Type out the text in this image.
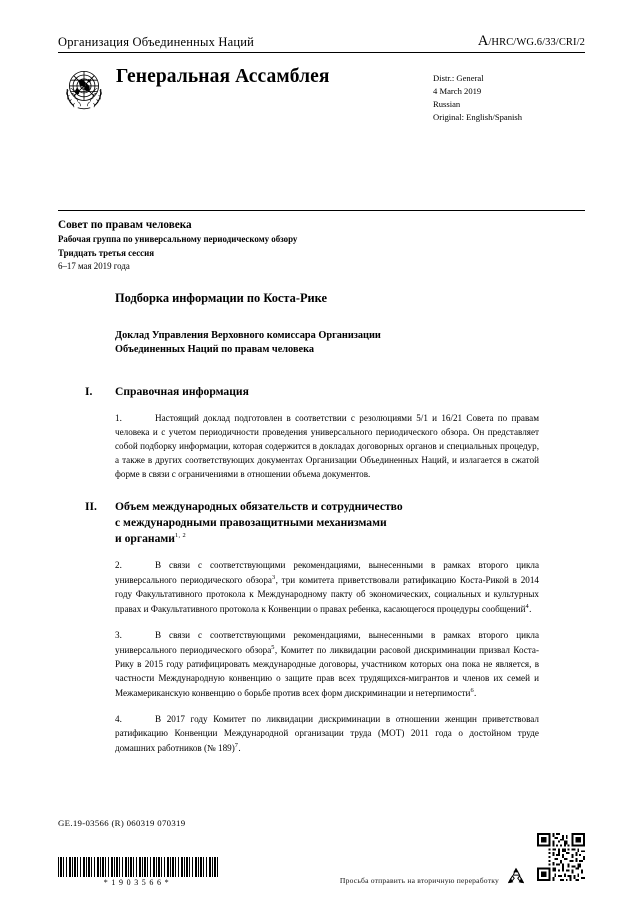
Организация Объединенных Наций	A/HRC/WG.6/33/CRI/2
Генеральная Ассамблея	Distr.: General
4 March 2019
Russian
Original: English/Spanish
Совет по правам человека
Рабочая группа по универсальному периодическому обзору
Тридцать третья сессия
6–17 мая 2019 года
Подборка информации по Коста-Рике
Доклад Управления Верховного комиссара Организации
Объединенных Наций по правам человека
I.	Справочная информация
1.	Настоящий доклад подготовлен в соответствии с резолюциями 5/1 и 16/21 Совета по правам человека и с учетом периодичности проведения универсального периодического обзора. Он представляет собой подборку информации, которая содержится в докладах договорных органов и специальных процедур, а также в других соответствующих документах Организации Объединенных Наций, и излагается в сжатой форме в связи с ограничениями в отношении объема документов.
II.	Объем международных обязательств и сотрудничество
с международными правозащитными механизмами
и органами$^{1, 2}$
2.	В связи с соответствующими рекомендациями, вынесенными в рамках второго цикла универсального периодического обзора$^3$, три комитета приветствовали ратификацию Коста-Рикой в 2014 году Факультативного протокола к Международному пакту об экономических, социальных и культурных правах и Факультативного протокола к Конвенции о правах ребенка, касающегося процедуры сообщений$^4$.
3.	В связи с соответствующими рекомендациями, вынесенными в рамках второго цикла универсального периодического обзора$^5$, Комитет по ликвидации расовой дискриминации призвал Коста-Рику в 2015 году ратифицировать международные договоры, участником которых она пока не является, в частности Международную конвенцию о защите прав всех трудящихся-мигрантов и членов их семей и Межамериканскую конвенцию о борьбе против всех форм дискриминации и нетерпимости$^6$.
4.	В 2017 году Комитет по ликвидации дискриминации в отношении женщин приветствовал ратификацию Конвенции Международной организации труда (МОТ) 2011 года о достойном труде домашних работников (№ 189)$^7$.
GE.19-03566 (R) 060319 070319
*1903566*	Просьба отправить на вторичную переработку
